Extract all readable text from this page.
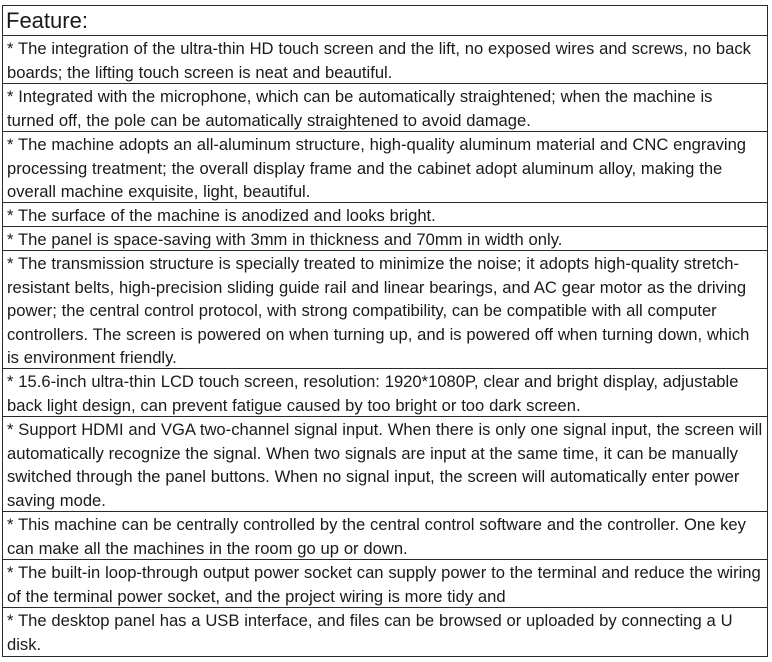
Feature:
* The integration of the ultra-thin HD touch screen and the lift, no exposed wires and screws, no back boards; the lifting touch screen is neat and beautiful.
* Integrated with the microphone, which can be automatically straightened; when the machine is turned off, the pole can be automatically straightened to avoid damage.
* The machine adopts an all-aluminum structure, high-quality aluminum material and CNC engraving processing treatment; the overall display frame and the cabinet adopt aluminum alloy, making the overall machine exquisite, light, beautiful.
* The surface of the machine is anodized and looks bright.
* The panel is space-saving with 3mm in thickness and 70mm in width only.
* The transmission structure is specially treated to minimize the noise; it adopts high-quality stretch-resistant belts, high-precision sliding guide rail and linear bearings, and AC gear motor as the driving power; the central control protocol, with strong compatibility, can be compatible with all computer controllers. The screen is powered on when turning up, and is powered off when turning down, which is environment friendly.
* 15.6-inch ultra-thin LCD touch screen, resolution: 1920*1080P, clear and bright display, adjustable back light design, can prevent fatigue caused by too bright or too dark screen.
* Support HDMI and VGA two-channel signal input. When there is only one signal input, the screen will automatically recognize the signal. When two signals are input at the same time, it can be manually switched through the panel buttons. When no signal input, the screen will automatically enter power saving mode.
* This machine can be centrally controlled by the central control software and the controller. One key can make all the machines in the room go up or down.
* The built-in loop-through output power socket can supply power to the terminal and reduce the wiring of the terminal power socket, and the project wiring is more tidy and
* The desktop panel has a USB interface, and files can be browsed or uploaded by connecting a U disk.
